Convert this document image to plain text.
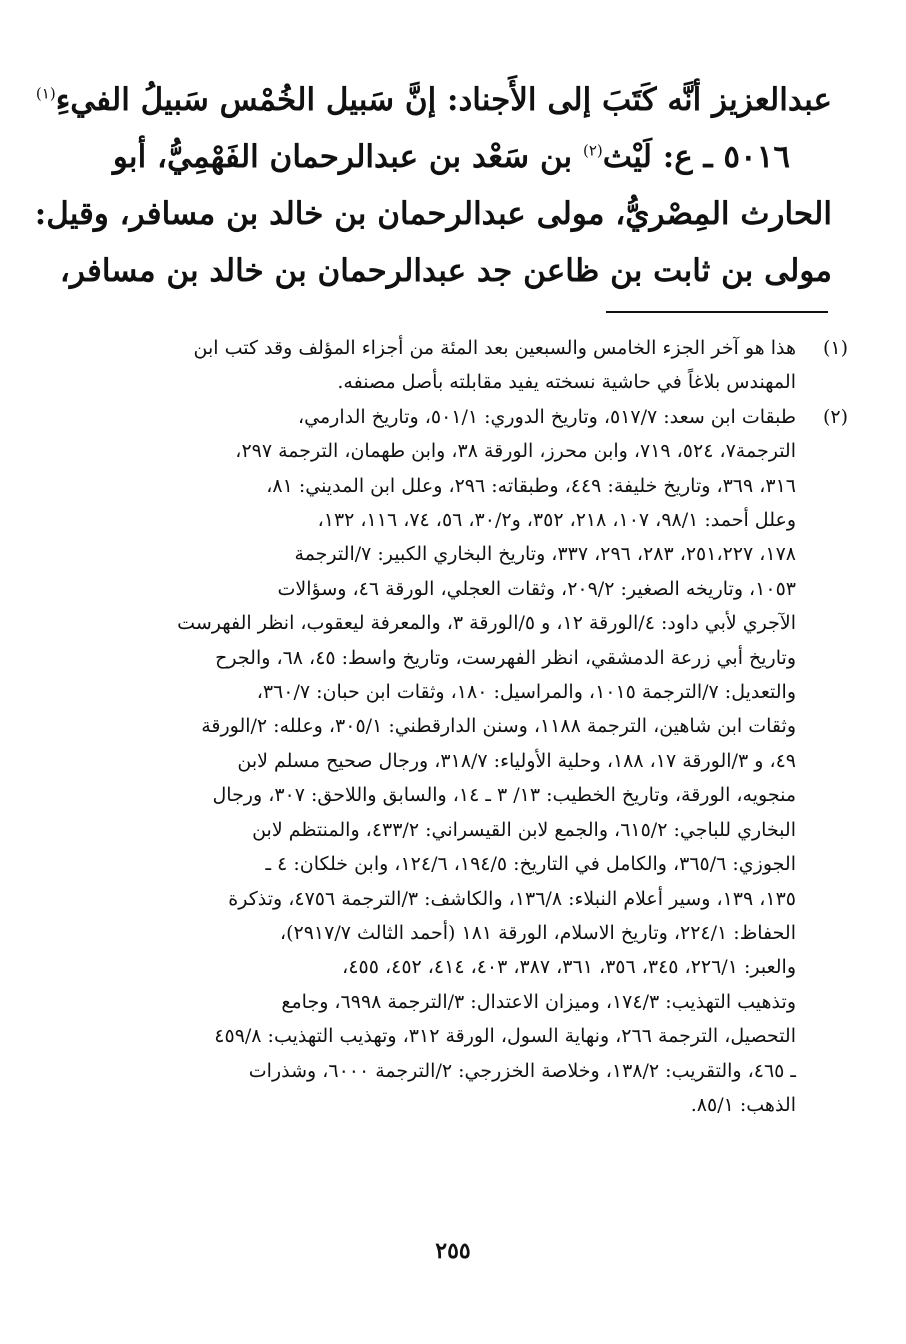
عبدالعزيز أنَّه كَتَبَ إلى الأَجناد: إنَّ سَبيل الخُمْس سَبيلُ الفيءِ$^{(١)}$
٥٠١٦ ـ ع: لَيْث$^{(٢)}$ بن سَعْد بن عبدالرحمان الفَهْمِيُّ، أبو
الحارث المِصْريُّ، مولى عبدالرحمان بن خالد بن مسافر، وقيل:
مولى بن ثابت بن ظاعن جد عبدالرحمان بن خالد بن مسافر،
(١)
هذا هو آخر الجزء الخامس والسبعين بعد المئة من أجزاء المؤلف وقد كتب ابن
المهندس بلاغاً في حاشية نسخته يفيد مقابلته بأصل مصنفه.
(٢)
طبقات ابن سعد: ٥١٧/٧، وتاريخ الدوري: ٥٠١/١، وتاريخ الدارمي،
الترجمة٧، ٥٢٤، ٧١٩، وابن محرز، الورقة ٣٨، وابن طهمان، الترجمة ٢٩٧،
٣١٦، ٣٦٩، وتاريخ خليفة: ٤٤٩، وطبقاته: ٢٩٦، وعلل ابن المديني: ٨١،
وعلل أحمد: ٩٨/١، ١٠٧، ٢١٨، ٣٥٢، و٣٠/٢، ٥٦، ٧٤، ١١٦، ١٣٢،
١٧٨، ٢٥١،٢٢٧، ٢٨٣، ٢٩٦، ٣٣٧، وتاريخ البخاري الكبير: ٧/الترجمة
١٠٥٣، وتاريخه الصغير: ٢٠٩/٢، وثقات العجلي، الورقة ٤٦، وسؤالات
الآجري لأبي داود: ٤/الورقة ١٢، و ٥/الورقة ٣، والمعرفة ليعقوب، انظر الفهرست
وتاريخ أبي زرعة الدمشقي، انظر الفهرست، وتاريخ واسط: ٤٥، ٦٨، والجرح
والتعديل: ٧/الترجمة ١٠١٥، والمراسيل: ١٨٠، وثقات ابن حبان: ٣٦٠/٧،
وثقات ابن شاهين، الترجمة ١١٨٨، وسنن الدارقطني: ٣٠٥/١، وعلله: ٢/الورقة
٤٩، و ٣/الورقة ١٧، ١٨٨، وحلية الأولياء: ٣١٨/٧، ورجال صحيح مسلم لابن
منجويه، الورقة، وتاريخ الخطيب: ١٣/ ٣ ـ ١٤، والسابق واللاحق: ٣٠٧، ورجال
البخاري للباجي: ٦١٥/٢، والجمع لابن القيسراني: ٤٣٣/٢، والمنتظم لابن
الجوزي: ٣٦٥/٦، والكامل في التاريخ: ١٩٤/٥، ١٢٤/٦، وابن خلكان: ٤ ـ
١٣٥، ١٣٩، وسير أعلام النبلاء: ١٣٦/٨، والكاشف: ٣/الترجمة ٤٧٥٦، وتذكرة
الحفاظ: ٢٢٤/١، وتاريخ الاسلام، الورقة ١٨١ (أحمد الثالث ٢٩١٧/٧)،
والعبر: ٢٢٦/١، ٣٤٥، ٣٥٦، ٣٦١، ٣٨٧، ٤٠٣، ٤١٤، ٤٥٢، ٤٥٥،
وتذهيب التهذيب: ١٧٤/٣، وميزان الاعتدال: ٣/الترجمة ٦٩٩٨، وجامع
التحصيل، الترجمة ٢٦٦، ونهاية السول، الورقة ٣١٢، وتهذيب التهذيب: ٤٥٩/٨
ـ ٤٦٥، والتقريب: ١٣٨/٢، وخلاصة الخزرجي: ٢/الترجمة ٦٠٠٠، وشذرات
الذهب: ٨٥/١.
٢٥٥
